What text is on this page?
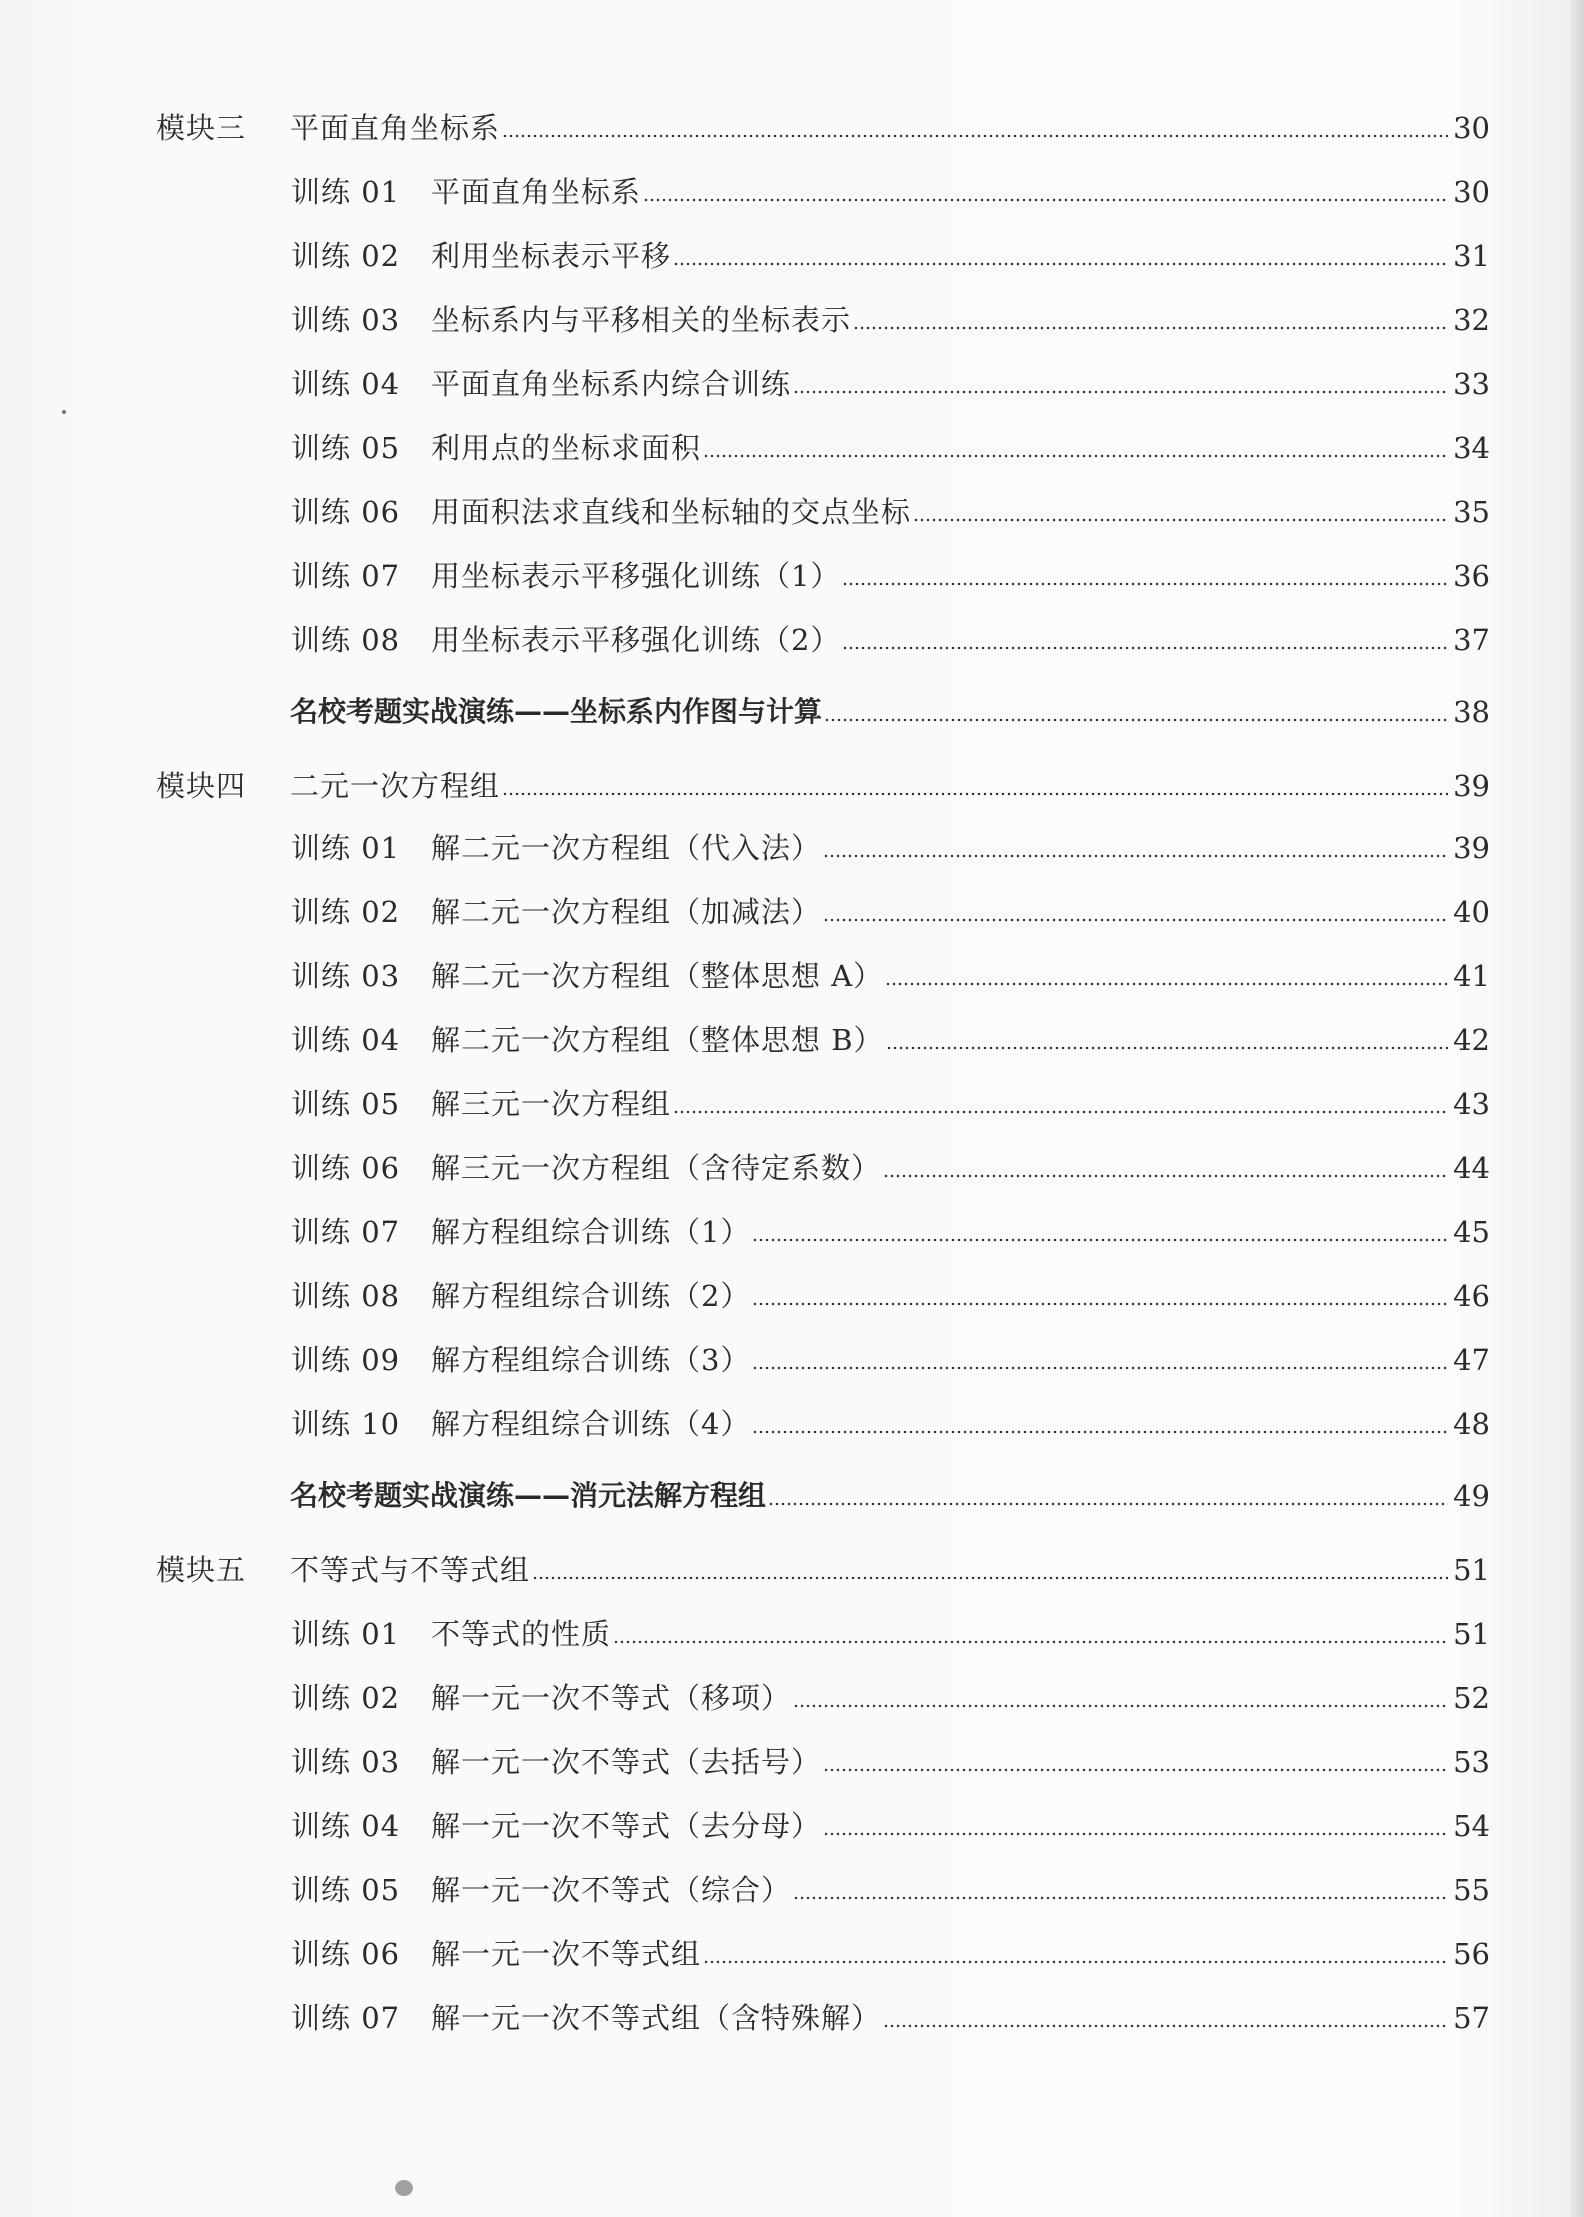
模块三 平面直角坐标系	30
训练 01 平面直角坐标系	30
训练 02 利用坐标表示平移	31
训练 03 坐标系内与平移相关的坐标表示	32
训练 04 平面直角坐标系内综合训练	33
训练 05 利用点的坐标求面积	34
训练 06 用面积法求直线和坐标轴的交点坐标	35
训练 07 用坐标表示平移强化训练（1）	36
训练 08 用坐标表示平移强化训练（2）	37
名校考题实战演练——坐标系内作图与计算	38
模块四 二元一次方程组	39
训练 01 解二元一次方程组（代入法）	39
训练 02 解二元一次方程组（加减法）	40
训练 03 解二元一次方程组（整体思想 A）	41
训练 04 解二元一次方程组（整体思想 B）	42
训练 05 解三元一次方程组	43
训练 06 解三元一次方程组（含待定系数）	44
训练 07 解方程组综合训练（1）	45
训练 08 解方程组综合训练（2）	46
训练 09 解方程组综合训练（3）	47
训练 10 解方程组综合训练（4）	48
名校考题实战演练——消元法解方程组	49
模块五 不等式与不等式组	51
训练 01 不等式的性质	51
训练 02 解一元一次不等式（移项）	52
训练 03 解一元一次不等式（去括号）	53
训练 04 解一元一次不等式（去分母）	54
训练 05 解一元一次不等式（综合）	55
训练 06 解一元一次不等式组	56
训练 07 解一元一次不等式组（含特殊解）	57
